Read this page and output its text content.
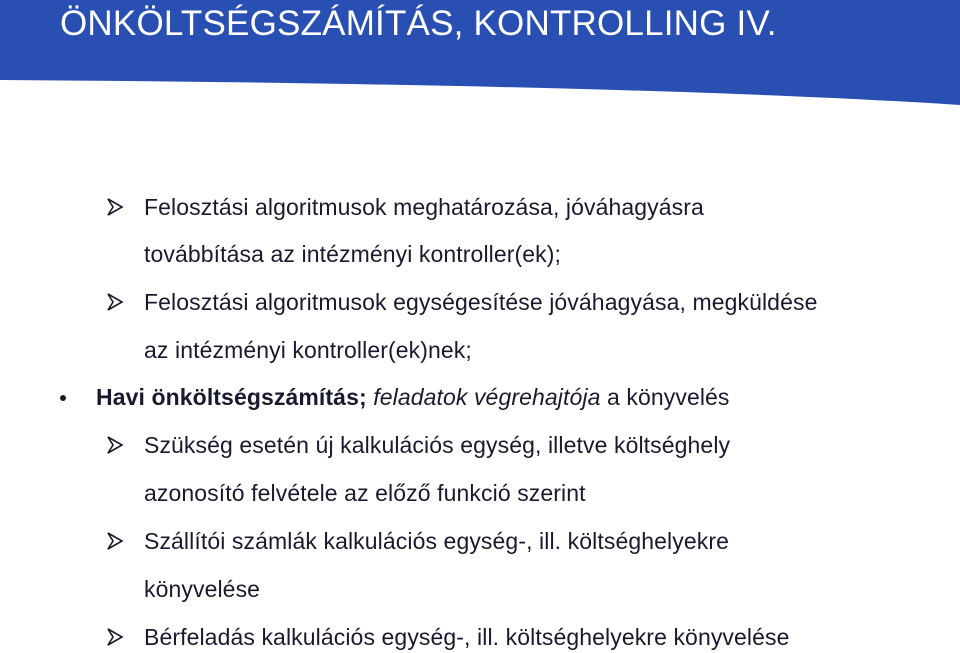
ÖNKÖLTSÉGSZÁMÍTÁS, KONTROLLING IV.
Felosztási algoritmusok meghatározása, jóváhagyásra
továbbítása az intézményi kontroller(ek);
Felosztási algoritmusok egységesítése jóváhagyása, megküldése
az intézményi kontroller(ek)nek;
Havi önköltségszámítás; feladatok végrehajtója a könyvelés
Szükség esetén új kalkulációs egység, illetve költséghely
azonosító felvétele az előző funkció szerint
Szállítói számlák kalkulációs egység-, ill. költséghelyekre
könyvelése
Bérfeladás kalkulációs egység-, ill. költséghelyekre könyvelése
